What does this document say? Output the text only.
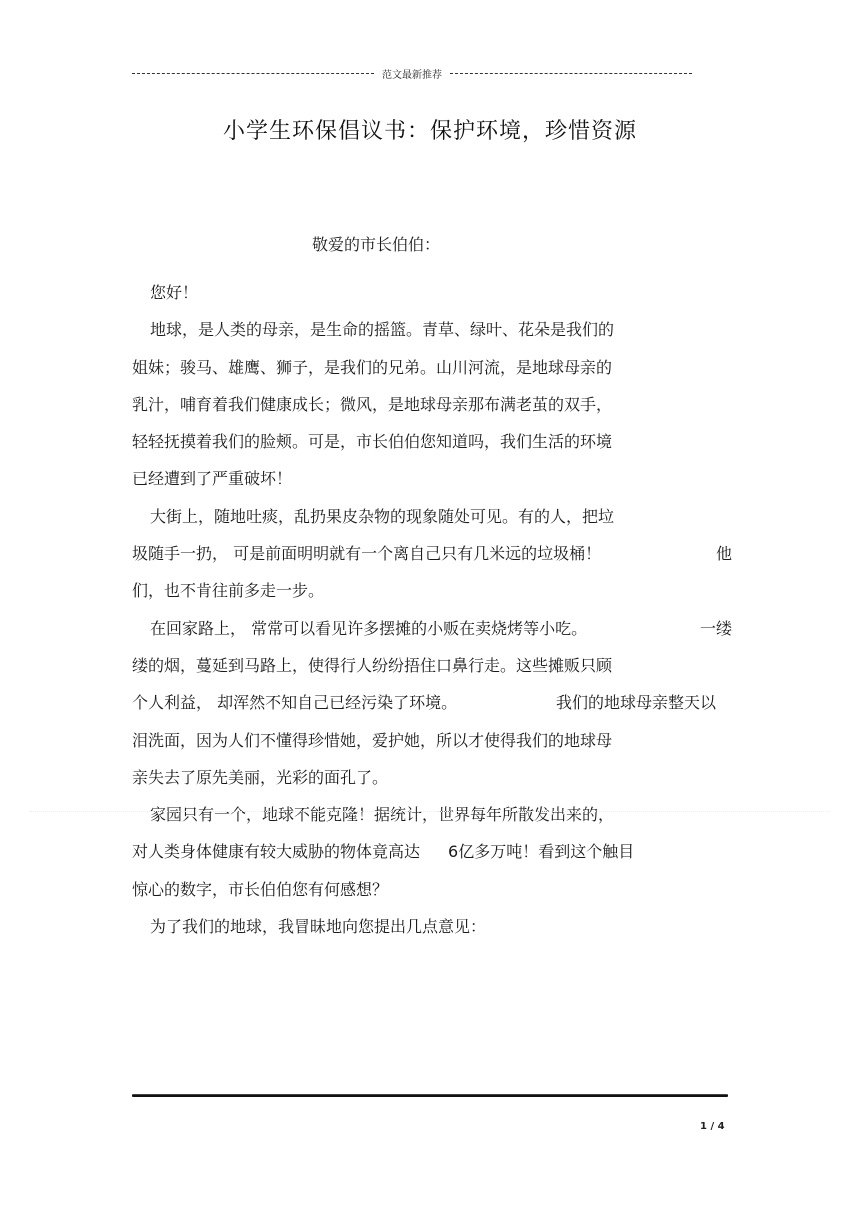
范文最新推荐
小学生环保倡议书：保护环境，珍惜资源
敬爱的市长伯伯：
您好！
地球，是人类的母亲，是生命的摇篮。青草、绿叶、花朵是我们的
姐妹；骏马、雄鹰、狮子，是我们的兄弟。山川河流，是地球母亲的
乳汁，哺育着我们健康成长；微风，是地球母亲那布满老茧的双手，
轻轻抚摸着我们的脸颊。可是，市长伯伯您知道吗，我们生活的环境
已经遭到了严重破坏！
大街上，随地吐痰，乱扔果皮杂物的现象随处可见。有的人，把垃
圾随手一扔， 可是前面明明就有一个离自己只有几米远的垃圾桶！	他
们，也不肯往前多走一步。
在回家路上， 常常可以看见许多摆摊的小贩在卖烧烤等小吃。	一缕
缕的烟，蔓延到马路上，使得行人纷纷捂住口鼻行走。这些摊贩只顾
个人利益， 却浑然不知自己已经污染了环境。	我们的地球母亲整天以
泪洗面，因为人们不懂得珍惜她，爱护她，所以才使得我们的地球母
亲失去了原先美丽，光彩的面孔了。
家园只有一个，地球不能克隆！据统计，世界每年所散发出来的，
对人类身体健康有较大威胁的物体竟高达 6亿多万吨！看到这个触目
惊心的数字，市长伯伯您有何感想？
为了我们的地球，我冒昧地向您提出几点意见：
1 / 4
